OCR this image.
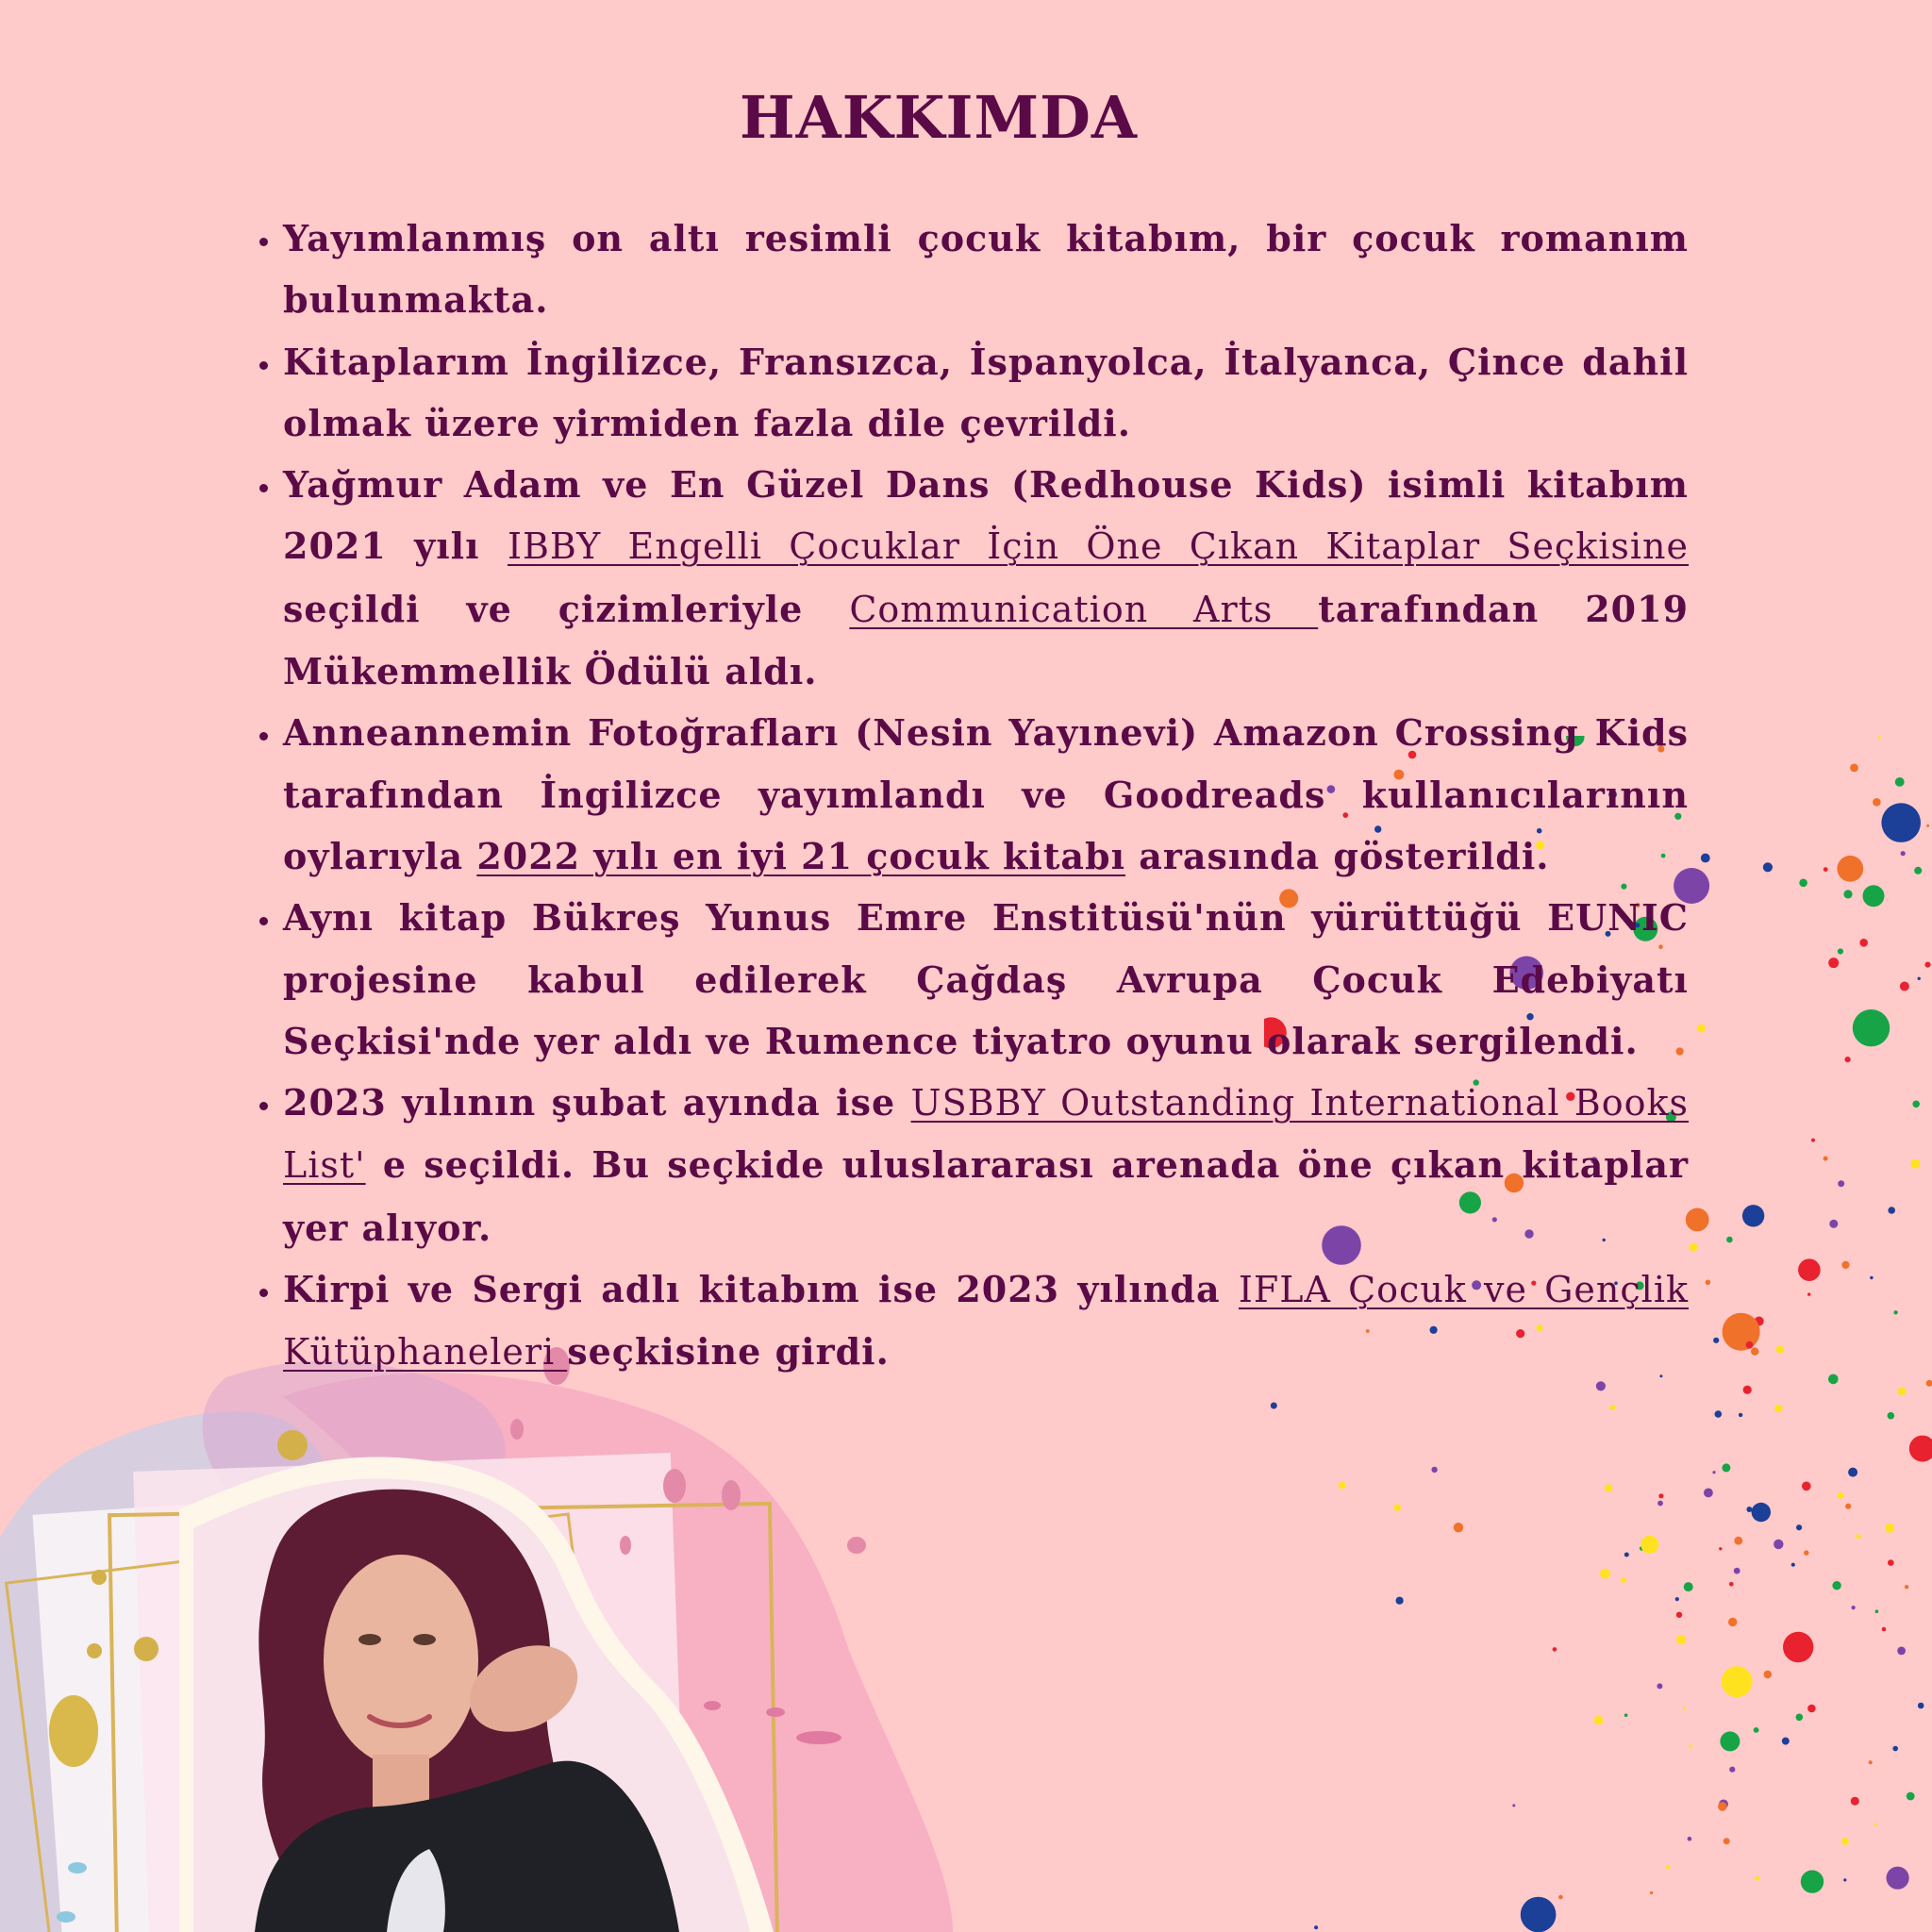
HAKKIMDA
• Yayımlanmış on altı resimli çocuk kitabım, bir çocuk romanım bulunmakta.
• Kitaplarım İngilizce, Fransızca, İspanyolca, İtalyanca, Çince dahil olmak üzere yirmiden fazla dile çevrildi.
• Yağmur Adam ve En Güzel Dans (Redhouse Kids) isimli kitabım 2021 yılı IBBY Engelli Çocuklar İçin Öne Çıkan Kitaplar Seçkisine seçildi ve çizimleriyle Communication Arts tarafından 2019 Mükemmellik Ödülü aldı.
• Anneannemin Fotoğrafları (Nesin Yayınevi) Amazon Crossing Kids tarafından İngilizce yayımlandı ve Goodreads kullanıcılarının oylarıyla 2022 yılı en iyi 21 çocuk kitabı arasında gösterildi.
• Aynı kitap Bükreş Yunus Emre Enstitüsü'nün yürüttüğü EUNIC projesine kabul edilerek Çağdaş Avrupa Çocuk Edebiyatı Seçkisi'nde yer aldı ve Rumence tiyatro oyunu olarak sergilendi.
• 2023 yılının şubat ayında ise USBBY Outstanding International Books List' e seçildi. Bu seçkide uluslararası arenada öne çıkan kitaplar yer alıyor.
• Kirpi ve Sergi adlı kitabım ise 2023 yılında IFLA Çocuk ve Gençlik Kütüphaneleri seçkisine girdi.
